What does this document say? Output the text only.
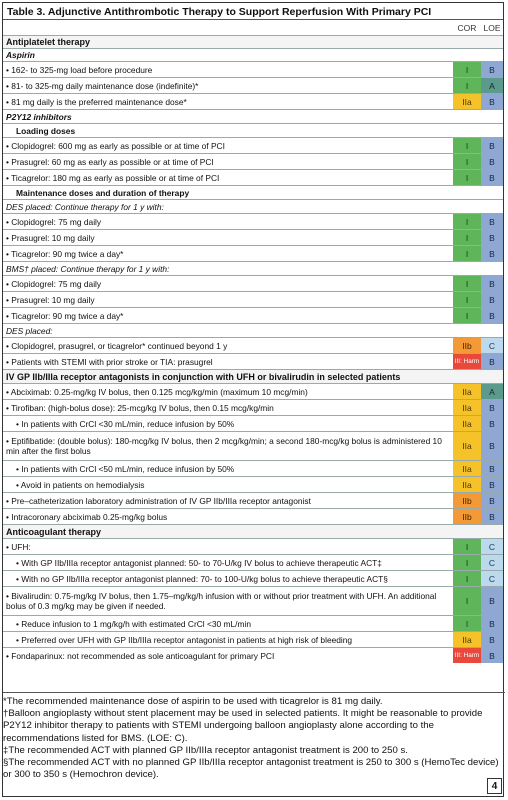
Table 3. Adjunctive Antithrombotic Therapy to Support Reperfusion With Primary PCI
COR LOE
Antiplatelet therapy
Aspirin
• 162- to 325-mg load before procedure	I	B
• 81- to 325-mg daily maintenance dose (indefinite)*	I	A
• 81 mg daily is the preferred maintenance dose*	IIa	B
P2Y12 inhibitors
Loading doses
• Clopidogrel: 600 mg as early as possible or at time of PCI	I	B
• Prasugrel: 60 mg as early as possible or at time of PCI	I	B
• Ticagrelor: 180 mg as early as possible or at time of PCI	I	B
Maintenance doses and duration of therapy
DES placed: Continue therapy for 1 y with:
• Clopidogrel: 75 mg daily	I	B
• Prasugrel: 10 mg daily	I	B
• Ticagrelor: 90 mg twice a day*	I	B
BMS† placed: Continue therapy for 1 y with:
• Clopidogrel: 75 mg daily	I	B
• Prasugrel: 10 mg daily	I	B
• Ticagrelor: 90 mg twice a day*	I	B
DES placed:
• Clopidogrel, prasugrel, or ticagrelor* continued beyond 1 y	IIb	C
• Patients with STEMI with prior stroke or TIA: prasugrel	III: Harm	B
IV GP IIb/IIIa receptor antagonists in conjunction with UFH or bivalirudin in selected patients
• Abciximab: 0.25-mg/kg IV bolus, then 0.125 mcg/kg/min (maximum 10 mcg/min)	IIa	A
• Tirofiban: (high-bolus dose): 25-mcg/kg IV bolus, then 0.15 mcg/kg/min	IIa	B
• In patients with CrCl <30 mL/min, reduce infusion by 50%	IIa	B
• Eptifibatide: (double bolus): 180-mcg/kg IV bolus, then 2 mcg/kg/min; a second 180-mcg/kg bolus is administered 10 min after the first bolus	IIa	B
• In patients with CrCl <50 mL/min, reduce infusion by 50%	IIa	B
• Avoid in patients on hemodialysis	IIa	B
• Pre–catheterization laboratory administration of IV GP IIb/IIIa receptor antagonist	IIb	B
• Intracoronary abciximab 0.25-mg/kg bolus	IIb	B
Anticoagulant therapy
• UFH:	I	C
• With GP IIb/IIIa receptor antagonist planned: 50- to 70-U/kg IV bolus to achieve therapeutic ACT‡	I	C
• With no GP IIb/IIIa receptor antagonist planned: 70- to 100-U/kg bolus to achieve therapeutic ACT§	I	C
• Bivalirudin: 0.75-mg/kg IV bolus, then 1.75–mg/kg/h infusion with or without prior treatment with UFH. An additional bolus of 0.3 mg/kg may be given if needed.	I	B
• Reduce infusion to 1 mg/kg/h with estimated CrCl <30 mL/min	I	B
• Preferred over UFH with GP IIb/IIIa receptor antagonist in patients at high risk of bleeding	IIa	B
• Fondaparinux: not recommended as sole anticoagulant for primary PCI	III: Harm	B

*The recommended maintenance dose of aspirin to be used with ticagrelor is 81 mg daily.

†Balloon angioplasty without stent placement may be used in selected patients. It might be reasonable to provide P2Y12 inhibitor therapy to patients with STEMI undergoing balloon angioplasty alone according to the recommendations listed for BMS. (LOE: C).

‡The recommended ACT with planned GP IIb/IIIa receptor antagonist treatment is 200 to 250 s.

§The recommended ACT with no planned GP IIb/IIIa receptor antagonist treatment is 250 to 300 s (HemoTec device) or 300 to 350 s (Hemochron device).

4
